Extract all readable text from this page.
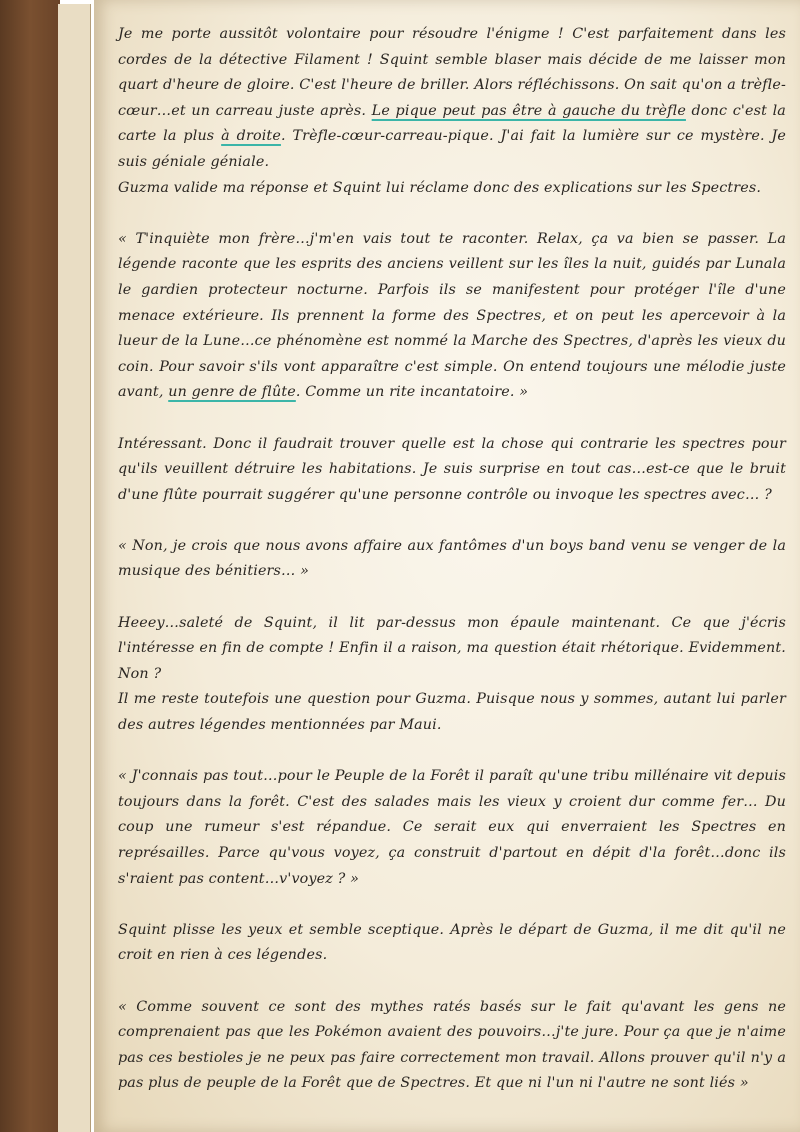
Je me porte aussitôt volontaire pour résoudre l'énigme ! C'est parfaitement dans les cordes de la détective Filament ! Squint semble blaser mais décide de me laisser mon quart d'heure de gloire. C'est l'heure de briller. Alors réfléchissons. On sait qu'on a trèfle-cœur…et un carreau juste après. Le pique peut pas être à gauche du trèfle donc c'est la carte la plus à droite. Trèfle-cœur-carreau-pique. J'ai fait la lumière sur ce mystère. Je suis géniale géniale.

Guzma valide ma réponse et Squint lui réclame donc des explications sur les Spectres.

« T'inquiète mon frère…j'm'en vais tout te raconter. Relax, ça va bien se passer. La légende raconte que les esprits des anciens veillent sur les îles la nuit, guidés par Lunala le gardien protecteur nocturne. Parfois ils se manifestent pour protéger l'île d'une menace extérieure. Ils prennent la forme des Spectres, et on peut les apercevoir à la lueur de la Lune…ce phénomène est nommé la Marche des Spectres, d'après les vieux du coin. Pour savoir s'ils vont apparaître c'est simple. On entend toujours une mélodie juste avant, un genre de flûte. Comme un rite incantatoire. »

Intéressant. Donc il faudrait trouver quelle est la chose qui contrarie les spectres pour qu'ils veuillent détruire les habitations. Je suis surprise en tout cas…est-ce que le bruit d'une flûte pourrait suggérer qu'une personne contrôle ou invoque les spectres avec… ?

« Non, je crois que nous avons affaire aux fantômes d'un boys band venu se venger de la musique des bénitiers… »

Heeey…saleté de Squint, il lit par-dessus mon épaule maintenant. Ce que j'écris l'intéresse en fin de compte ! Enfin il a raison, ma question était rhétorique. Evidemment. Non ?

Il me reste toutefois une question pour Guzma. Puisque nous y sommes, autant lui parler des autres légendes mentionnées par Maui.

« J'connais pas tout…pour le Peuple de la Forêt il paraît qu'une tribu millénaire vit depuis toujours dans la forêt. C'est des salades mais les vieux y croient dur comme fer… Du coup une rumeur s'est répandue. Ce serait eux qui enverraient les Spectres en représailles. Parce qu'vous voyez, ça construit d'partout en dépit d'la forêt…donc ils s'raient pas content…v'voyez ? »

Squint plisse les yeux et semble sceptique. Après le départ de Guzma, il me dit qu'il ne croit en rien à ces légendes.

« Comme souvent ce sont des mythes ratés basés sur le fait qu'avant les gens ne comprenaient pas que les Pokémon avaient des pouvoirs…j'te jure. Pour ça que je n'aime pas ces bestioles je ne peux pas faire correctement mon travail. Allons prouver qu'il n'y a pas plus de peuple de la Forêt que de Spectres. Et que ni l'un ni l'autre ne sont liés »
